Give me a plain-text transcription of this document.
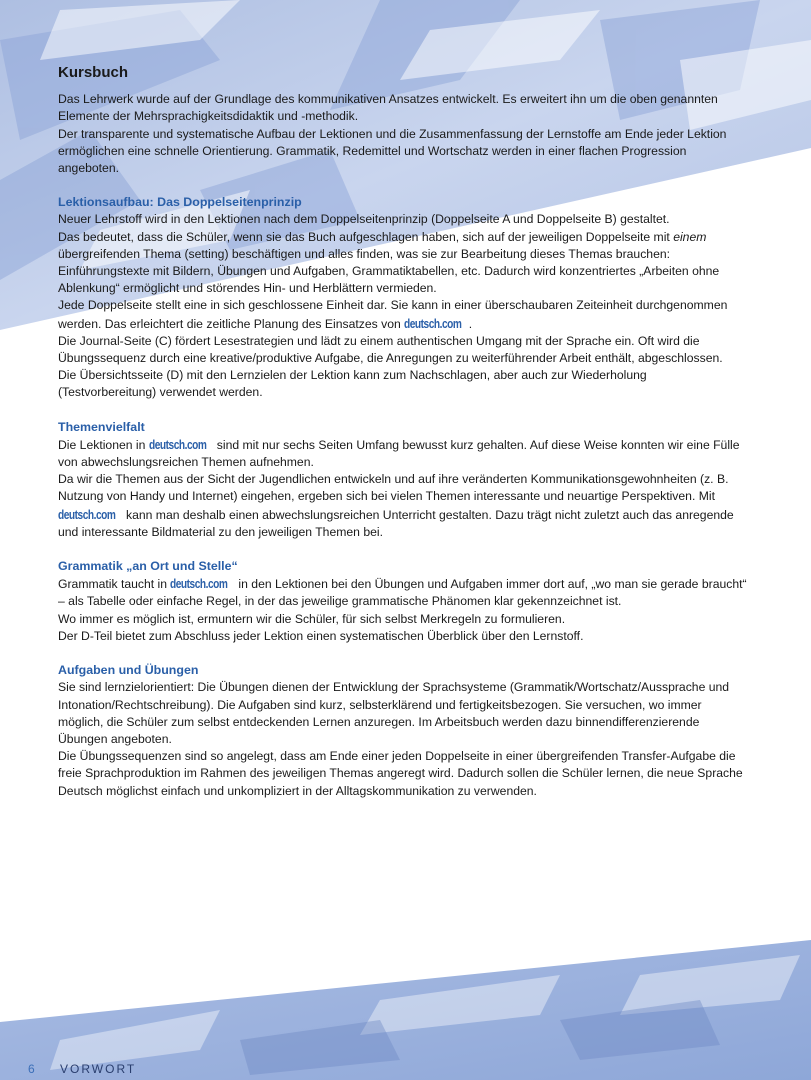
Kursbuch

Das Lehrwerk wurde auf der Grundlage des kommunikativen Ansatzes entwickelt. Es erweitert ihn um die oben genannten Elemente der Mehrsprachigkeitsdidaktik und -methodik.

Der transparente und systematische Aufbau der Lektionen und die Zusammenfassung der Lernstoffe am Ende jeder Lektion ermöglichen eine schnelle Orientierung. Grammatik, Redemittel und Wortschatz werden in einer flachen Progression angeboten.

Lektionsaufbau: Das Doppelseitenprinzip

Neuer Lehrstoff wird in den Lektionen nach dem Doppelseitenprinzip (Doppelseite A und Doppelseite B) gestaltet.

Das bedeutet, dass die Schüler, wenn sie das Buch aufgeschlagen haben, sich auf der jeweiligen Doppelseite mit einem übergreifenden Thema (setting) beschäftigen und alles finden, was sie zur Bearbeitung dieses Themas brauchen: Einführungstexte mit Bildern, Übungen und Aufgaben, Grammatiktabellen, etc. Dadurch wird konzentriertes „Arbeiten ohne Ablenkung“ ermöglicht und störendes Hin- und Herblättern vermieden.

Jede Doppelseite stellt eine in sich geschlossene Einheit dar. Sie kann in einer überschaubaren Zeiteinheit durchgenommen werden. Das erleichtert die zeitliche Planung des Einsatzes von deutsch.com .

Die Journal-Seite (C) fördert Lesestrategien und lädt zu einem authentischen Umgang mit der Sprache ein. Oft wird die Übungssequenz durch eine kreative/produktive Aufgabe, die Anregungen zu weiterführender Arbeit enthält, abgeschlossen.

Die Übersichtsseite (D) mit den Lernzielen der Lektion kann zum Nachschlagen, aber auch zur Wiederholung (Testvorbereitung) verwendet werden.

Themenvielfalt

Die Lektionen in deutsch.com sind mit nur sechs Seiten Umfang bewusst kurz gehalten. Auf diese Weise konnten wir eine Fülle von abwechslungsreichen Themen aufnehmen.

Da wir die Themen aus der Sicht der Jugendlichen entwickeln und auf ihre veränderten Kommunikationsgewohnheiten (z. B. Nutzung von Handy und Internet) eingehen, ergeben sich bei vielen Themen interessante und neuartige Perspektiven. Mit deutsch.com kann man deshalb einen abwechslungsreichen Unterricht gestalten. Dazu trägt nicht zuletzt auch das anregende und interessante Bildmaterial zu den jeweiligen Themen bei.

Grammatik „an Ort und Stelle“

Grammatik taucht in deutsch.com in den Lektionen bei den Übungen und Aufgaben immer dort auf, „wo man sie gerade braucht“ – als Tabelle oder einfache Regel, in der das jeweilige grammatische Phänomen klar gekennzeichnet ist.

Wo immer es möglich ist, ermuntern wir die Schüler, für sich selbst Merkregeln zu formulieren.

Der D-Teil bietet zum Abschluss jeder Lektion einen systematischen Überblick über den Lernstoff.

Aufgaben und Übungen

Sie sind lernzielorientiert: Die Übungen dienen der Entwicklung der Sprachsysteme (Grammatik/Wortschatz/Aussprache und Intonation/Rechtschreibung). Die Aufgaben sind kurz, selbsterklärend und fertigkeitsbezogen. Sie versuchen, wo immer möglich, die Schüler zum selbst entdeckenden Lernen anzuregen. Im Arbeitsbuch werden dazu binnendifferenzierende Übungen angeboten.

Die Übungssequenzen sind so angelegt, dass am Ende einer jeden Doppelseite in einer übergreifenden Transfer-Aufgabe die freie Sprachproduktion im Rahmen des jeweiligen Themas angeregt wird. Dadurch sollen die Schüler lernen, die neue Sprache Deutsch möglichst einfach und unkompliziert in der Alltagskommunikation zu verwenden.

6 VORWORT
